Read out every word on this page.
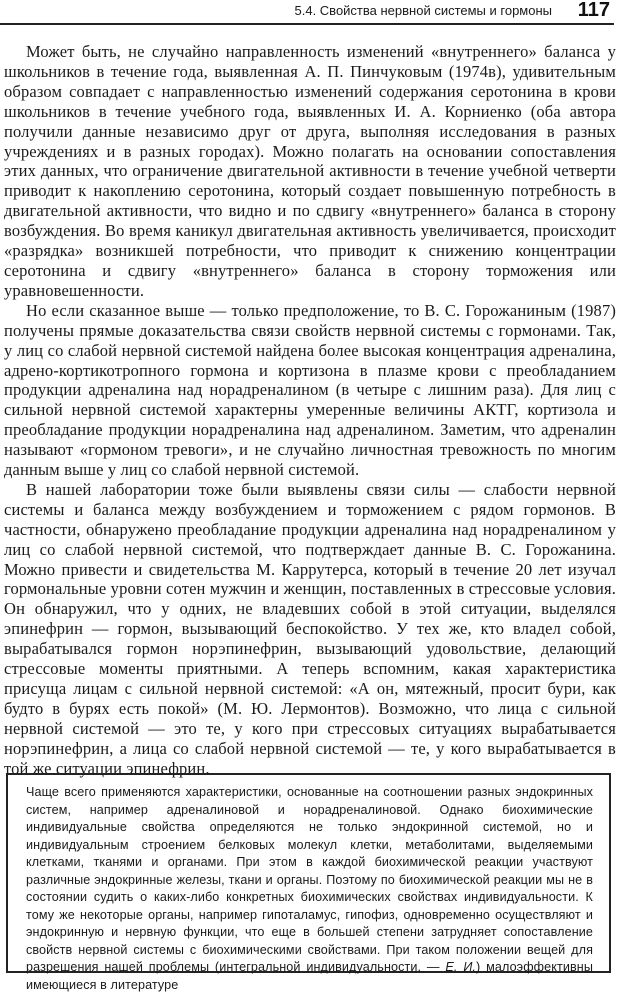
5.4. Свойства нервной системы и гормоны 117

Может быть, не случайно направленность изменений «внутреннего» баланса у школьников в течение года, выявленная А. П. Пинчуковым (1974в), удивительным образом совпадает с направленностью изменений содержания серотонина в крови школьников в течение учебного года, выявленных И. А. Корниенко (оба автора получили данные независимо друг от друга, выполняя исследования в разных учреждениях и в разных городах). Можно полагать на основании сопоставления этих данных, что ограничение двигательной активности в течение учебной четверти приводит к накоплению серотонина, который создает повышенную потребность в двигательной активности, что видно и по сдвигу «внутреннего» баланса в сторону возбуждения. Во время каникул двигательная активность увеличивается, происходит «разрядка» возникшей потребности, что приводит к снижению концентрации серотонина и сдвигу «внутреннего» баланса в сторону торможения или уравновешенности.

Но если сказанное выше — только предположение, то В. С. Горожаниным (1987) получены прямые доказательства связи свойств нервной системы с гормонами. Так, у лиц со слабой нервной системой найдена более высокая концентрация адреналина, адрено-кортикотропного гормона и кортизона в плазме крови с преобладанием продукции адреналина над норадреналином (в четыре с лишним раза). Для лиц с сильной нервной системой характерны умеренные величины АКТГ, кортизола и преобладание продукции норадреналина над адреналином. Заметим, что адреналин называют «гормоном тревоги», и не случайно личностная тревожность по многим данным выше у лиц со слабой нервной системой.

В нашей лаборатории тоже были выявлены связи силы — слабости нервной системы и баланса между возбуждением и торможением с рядом гормонов. В частности, обнаружено преобладание продукции адреналина над норадреналином у лиц со слабой нервной системой, что подтверждает данные В. С. Горожанина. Можно привести и свидетельства М. Каррутерса, который в течение 20 лет изучал гормональные уровни сотен мужчин и женщин, поставленных в стрессовые условия. Он обнаружил, что у одних, не владевших собой в этой ситуации, выделялся эпинефрин — гормон, вызывающий беспокойство. У тех же, кто владел собой, вырабатывался гормон норэпинефрин, вызывающий удовольствие, делающий стрессовые моменты приятными. А теперь вспомним, какая характеристика присуща лицам с сильной нервной системой: «А он, мятежный, просит бури, как будто в бурях есть покой» (М. Ю. Лермонтов). Возможно, что лица с сильной нервной системой — это те, у кого при стрессовых ситуациях вырабатывается норэпинефрин, а лица со слабой нервной системой — те, у кого вырабатывается в той же ситуации эпинефрин.

Чаще всего применяются характеристики, основанные на соотношении разных эндокринных систем, например адреналиновой и норадреналиновой. Однако биохимические индивидуальные свойства определяются не только эндокринной системой, но и индивидуальным строением белковых молекул клетки, метаболитами, выделяемыми клетками, тканями и органами. При этом в каждой биохимической реакции участвуют различные эндокринные железы, ткани и органы. Поэтому по биохимической реакции мы не в состоянии судить о каких-либо конкретных биохимических свойствах индивидуальности. К тому же некоторые органы, например гипоталамус, гипофиз, одновременно осуществляют и эндокринную и нервную функции, что еще в большей степени затрудняет сопоставление свойств нервной системы с биохимическими свойствами. При таком положении вещей для разрешения нашей проблемы (интегральной индивидуальности. — Е. И.) малоэффективны имеющиеся в литературе
